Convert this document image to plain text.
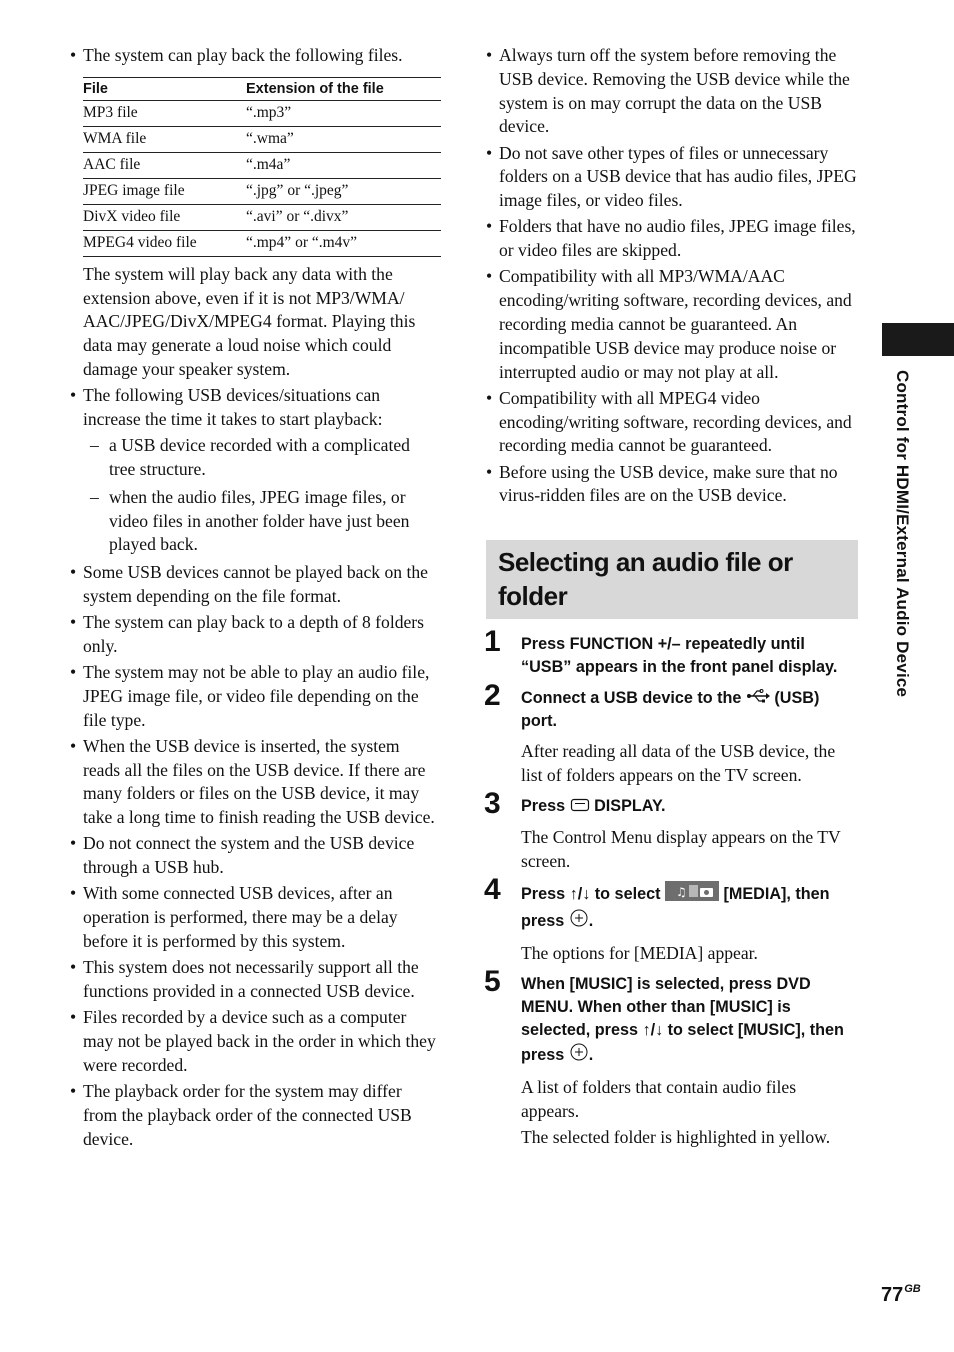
• The system can play back the following files.
File	Extension of the file
MP3 file	“.mp3”
WMA file	“.wma”
AAC file	“.m4a”
JPEG image file	“.jpg” or “.jpeg”
DivX video file	“.avi” or “.divx”
MPEG4 video file	“.mp4” or “.m4v”
The system will play back any data with the extension above, even if it is not MP3/WMA/ AAC/JPEG/DivX/MPEG4 format. Playing this data may generate a loud noise which could damage your speaker system.
• The following USB devices/situations can increase the time it takes to start playback:
– a USB device recorded with a complicated tree structure.
– when the audio files, JPEG image files, or video files in another folder have just been played back.
• Some USB devices cannot be played back on the system depending on the file format.
• The system can play back to a depth of 8 folders only.
• The system may not be able to play an audio file, JPEG image file, or video file depending on the file type.
• When the USB device is inserted, the system reads all the files on the USB device. If there are many folders or files on the USB device, it may take a long time to finish reading the USB device.
• Do not connect the system and the USB device through a USB hub.
• With some connected USB devices, after an operation is performed, there may be a delay before it is performed by this system.
• This system does not necessarily support all the functions provided in a connected USB device.
• Files recorded by a device such as a computer may not be played back in the order in which they were recorded.
• The playback order for the system may differ from the playback order of the connected USB device.
• Always turn off the system before removing the USB device. Removing the USB device while the system is on may corrupt the data on the USB device.
• Do not save other types of files or unnecessary folders on a USB device that has audio files, JPEG image files, or video files.
• Folders that have no audio files, JPEG image files, or video files are skipped.
• Compatibility with all MP3/WMA/AAC encoding/writing software, recording devices, and recording media cannot be guaranteed. An incompatible USB device may produce noise or interrupted audio or may not play at all.
• Compatibility with all MPEG4 video encoding/writing software, recording devices, and recording media cannot be guaranteed.
• Before using the USB device, make sure that no virus-ridden files are on the USB device.
Selecting an audio file or folder
1 Press FUNCTION +/– repeatedly until “USB” appears in the front panel display.
2 Connect a USB device to the (USB) port.
After reading all data of the USB device, the list of folders appears on the TV screen.
3 Press DISPLAY.
The Control Menu display appears on the TV screen.
4 Press ↑/↓ to select ♫ [MEDIA], then press .
The options for [MEDIA] appear.
5 When [MUSIC] is selected, press DVD MENU. When other than [MUSIC] is selected, press ↑/↓ to select [MUSIC], then press .
A list of folders that contain audio files appears.
The selected folder is highlighted in yellow.
Control for HDMI/External Audio Device
$77^{GB}$
